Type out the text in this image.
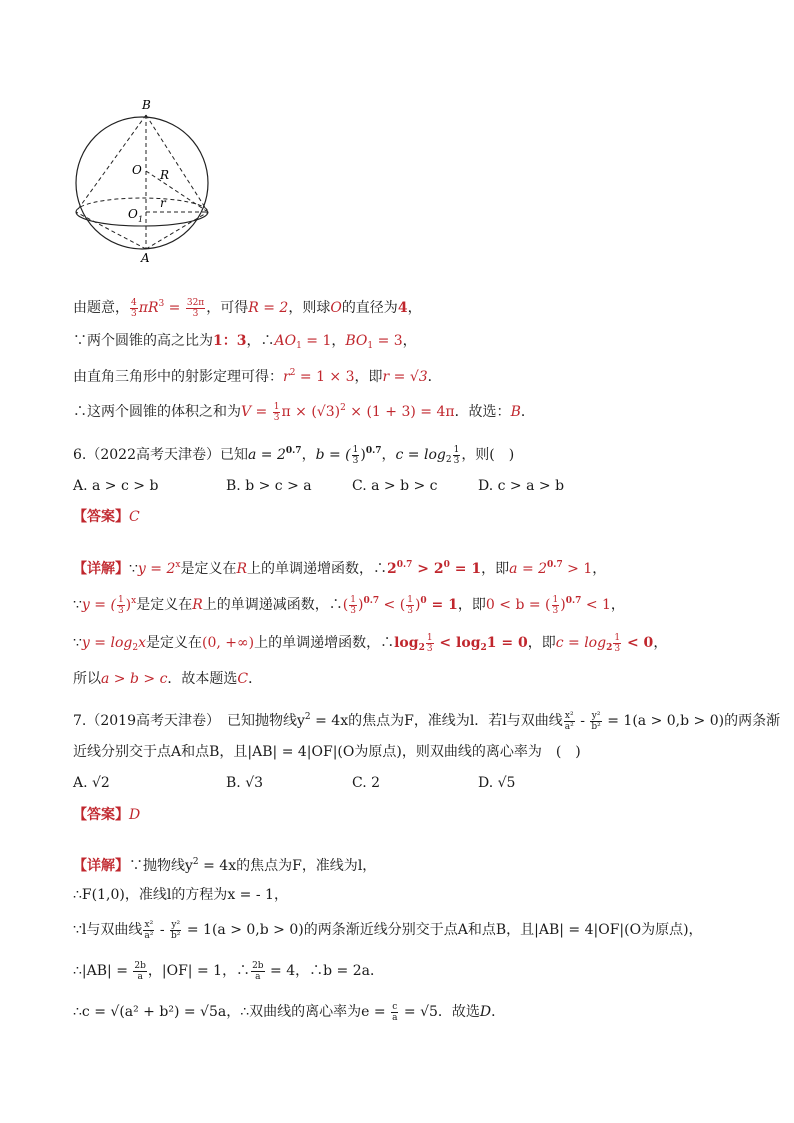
B
O R
O 1
r
A
由题意， $\frac{4}{3} \pi R^3 = \frac{32\pi}{3}$ ，可得R = 2，则球O的直径为4，
∵两个圆锥的高之比为1：3，$\therefore AO_1 = 1$，$BO_1 = 3$，
由直角三角形中的射影定理可得：$r^2 = 1 \times 3$，即r = √3．
∴这两个圆锥的体积之和为$V = \frac{1}{3}$ $\pi \times (√3)^2 \times (1 + 3) = 4\pi$．故选：B．
6.（2022高考天津卷）已知$a = 2^{0.7}$，b = ( $\frac{1}{3} )^{0.7}$，$c = \log_2 \frac{1}{3}$ ，则(　)
A. a > c > b	B. b > c > a	C. a > b > c	D. c > a > b
【答案】C
【详解】∵y = $2^x$是定义在R上的单调递增函数，$\therefore 2^{0.7} > 2^0 = 1$，即$a = 2^{0.7} > 1$，
∵y = ( $\frac{1}{3} )^x$是定义在R上的单调递减函数，∴( $\frac{1}{3} )^{0.7}$ < ( $\frac{1}{3} )^0 = 1$，即0 < b = ( $\frac{1}{3} )^{0.7} < 1$，
∵y = $\log_2x$是定义在(0, +∞)上的单调递增函数，$\therefore\log_2 \frac{1}{3} < \log_21 = 0$，即$c = \log_2 \frac{1}{3} < 0$，
所以a > b > c．故本题选C．
7.（2019高考天津卷）　已知抛物线$y^2 = 4x$的焦点为F，准线为l．若l与双曲线 $\frac{\text{x²}}{\text{a²}} - \frac{\text{y²}}{\text{b²}} = 1(a > 0,b > 0)$的两条渐
近线分别交于点A和点B，且|AB| = 4|OF|(O为原点)，则双曲线的离心率为　(　)
A. √2	B. √3	C. 2	D. √5
【答案】D
【详解】∵抛物线$y^2 = 4x$的焦点为F，准线为l，
∴F(1,0)，准线l的方程为x = - 1，
∵l与双曲线 $\frac{\text{x²}}{\text{a²}} - \frac{\text{y²}}{\text{b²}} = 1(a > 0,b > 0)$的两条渐近线分别交于点A和点B，且|AB| = 4|OF|(O为原点)，
∴|AB| = $\frac{2b}{a}$ ，|OF| = 1，∴ $\frac{2b}{a} = 4$，∴b = 2a．
∴c = √(a² + b²) = √5a，∴双曲线的离心率为$e = \frac{c}{a} = √5$．故选D．
